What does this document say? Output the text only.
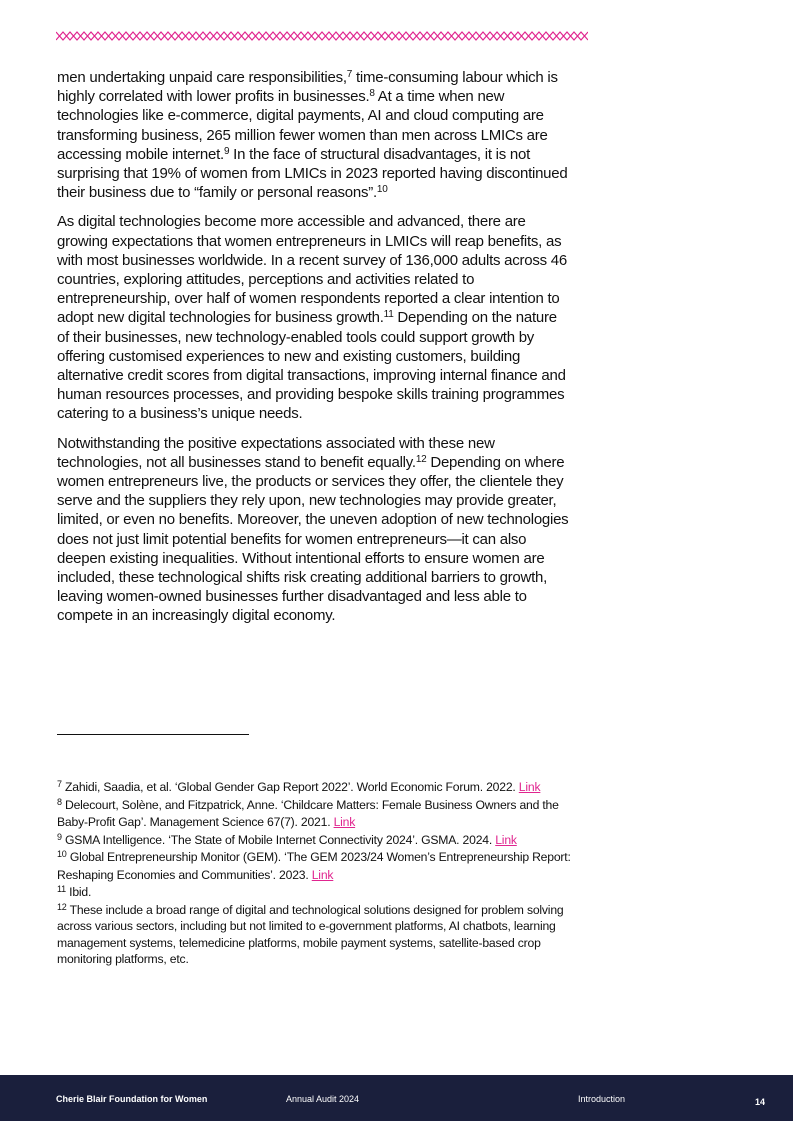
men undertaking unpaid care responsibilities,$^7$ time-consuming labour which is highly correlated with lower profits in businesses.$^8$ At a time when new technologies like e-commerce, digital payments, AI and cloud computing are transforming business, 265 million fewer women than men across LMICs are accessing mobile internet.$^9$ In the face of structural disadvantages, it is not surprising that 19% of women from LMICs in 2023 reported having discontinued their business due to “family or personal reasons”.$^{10}$

As digital technologies become more accessible and advanced, there are growing expectations that women entrepreneurs in LMICs will reap benefits, as with most businesses worldwide. In a recent survey of 136,000 adults across 46 countries, exploring attitudes, perceptions and activities related to entrepreneurship, over half of women respondents reported a clear intention to adopt new digital technologies for business growth.$^{11}$ Depending on the nature of their businesses, new technology-enabled tools could support growth by offering customised experiences to new and existing customers, building alternative credit scores from digital transactions, improving internal finance and human resources processes, and providing bespoke skills training programmes catering to a business’s unique needs.

Notwithstanding the positive expectations associated with these new technologies, not all businesses stand to benefit equally.$^{12}$ Depending on where women entrepreneurs live, the products or services they offer, the clientele they serve and the suppliers they rely upon, new technologies may provide greater, limited, or even no benefits. Moreover, the uneven adoption of new technologies does not just limit potential benefits for women entrepreneurs—it can also deepen existing inequalities. Without intentional efforts to ensure women are included, these technological shifts risk creating additional barriers to growth, leaving women-owned businesses further disadvantaged and less able to compete in an increasingly digital economy.

$^7$ Zahidi, Saadia, et al. ‘Global Gender Gap Report 2022’. World Economic Forum. 2022. Link

$^8$ Delecourt, Solène, and Fitzpatrick, Anne. ‘Childcare Matters: Female Business Owners and the Baby-Profit Gap’. Management Science 67(7). 2021. Link

$^9$ GSMA Intelligence. ‘The State of Mobile Internet Connectivity 2024’. GSMA. 2024. Link

$^{10}$ Global Entrepreneurship Monitor (GEM). ‘The GEM 2023/24 Women’s Entrepreneurship Report: Reshaping Economies and Communities’. 2023. Link

$^{11}$ Ibid.

$^{12}$ These include a broad range of digital and technological solutions designed for problem solving across various sectors, including but not limited to e-government platforms, AI chatbots, learning management systems, telemedicine platforms, mobile payment systems, satellite-based crop monitoring platforms, etc.

Cherie Blair Foundation for Women	Annual Audit 2024	Introduction	14
